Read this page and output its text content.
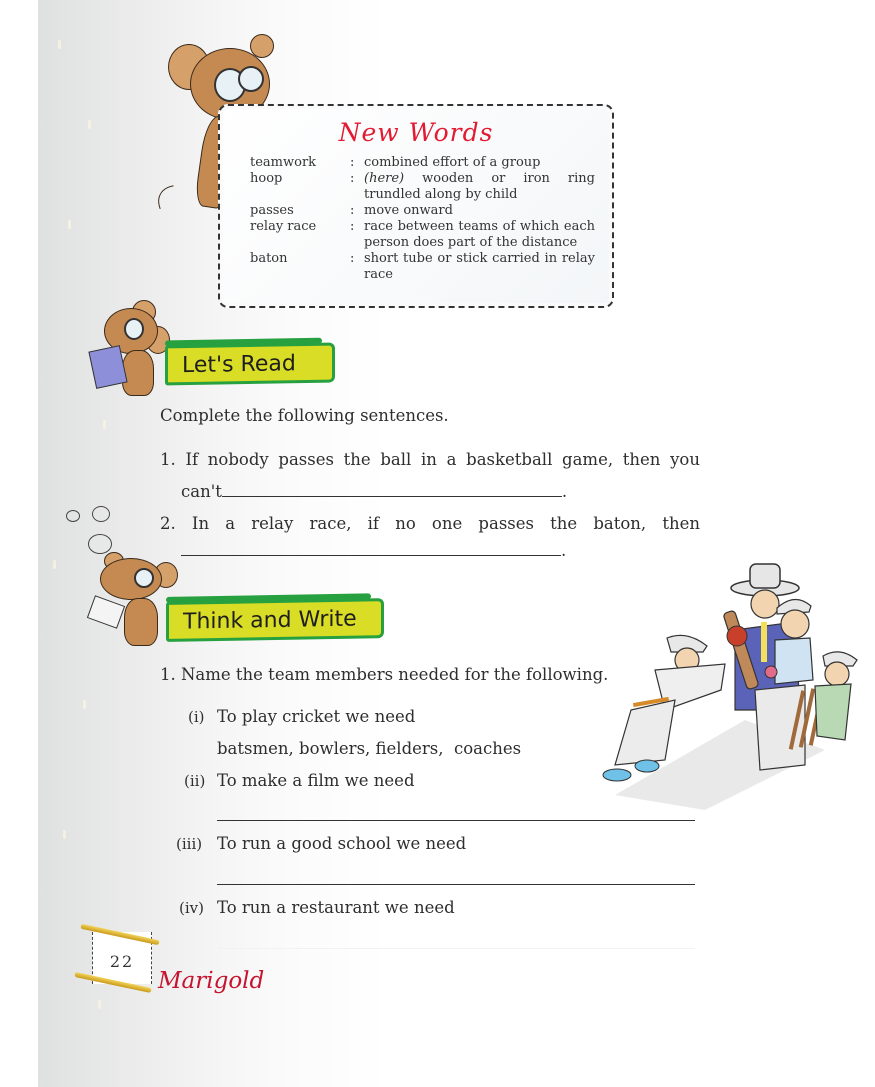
New Words
teamwork	: combined effort of a group
hoop	: (here) wooden or iron ring trundled along by child
passes	: move onward
relay race	: race between teams of which each person does part of the distance
baton	: short tube or stick carried in relay race
Let's Read
Complete the following sentences.
1. If nobody passes the ball in a basketball game, then you
can't	.
2. In a relay race, if no one passes the baton, then
.
Think and Write
1. Name the team members needed for the following.
(i) To play cricket we need
batsmen, bowlers, fielders,  coaches
(ii) To make a film we need
(iii) To run a good school we need
(iv) To run a restaurant we need
22
Marigold
